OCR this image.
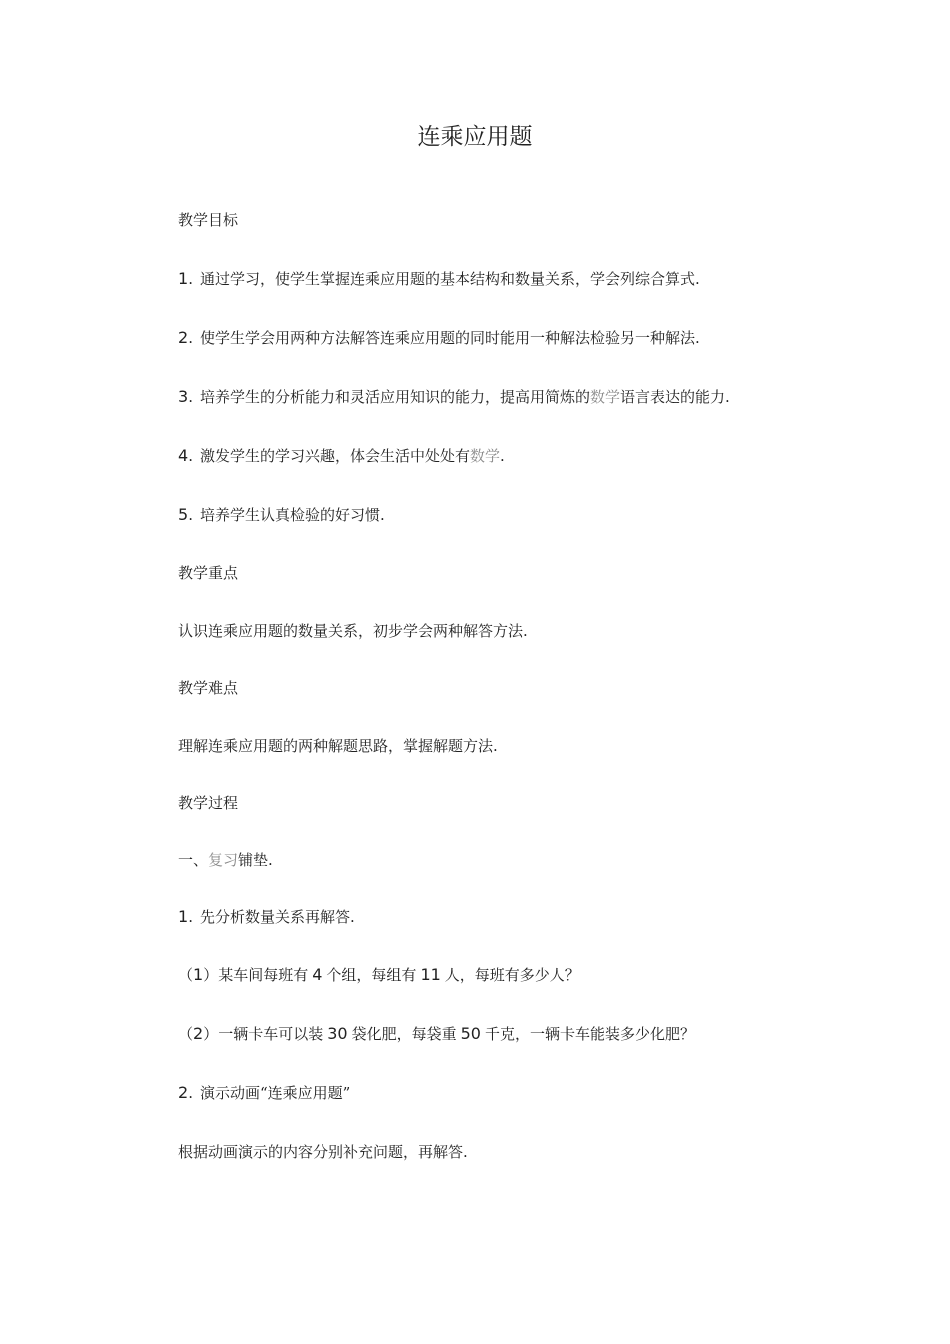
连乘应用题
教学目标
1. 通过学习，使学生掌握连乘应用题的基本结构和数量关系，学会列综合算式.
2. 使学生学会用两种方法解答连乘应用题的同时能用一种解法检验另一种解法.
3. 培养学生的分析能力和灵活应用知识的能力，提高用简炼的数学语言表达的能力.
4. 激发学生的学习兴趣，体会生活中处处有数学.
5. 培养学生认真检验的好习惯.
教学重点
认识连乘应用题的数量关系，初步学会两种解答方法.
教学难点
理解连乘应用题的两种解题思路，掌握解题方法.
教学过程
一、复习铺垫.
1. 先分析数量关系再解答.
（1）某车间每班有 4 个组，每组有 11 人，每班有多少人？
（2）一辆卡车可以装 30 袋化肥，每袋重 50 千克，一辆卡车能装多少化肥？
2. 演示动画“连乘应用题”
根据动画演示的内容分别补充问题，再解答.
